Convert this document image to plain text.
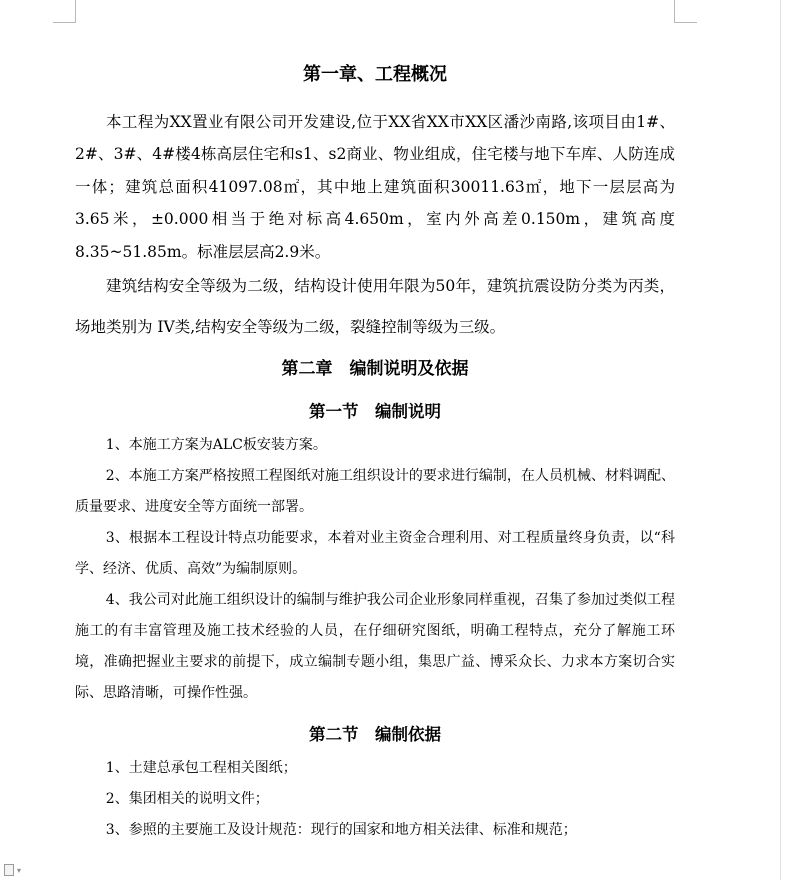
第一章、工程概况

本工程为XX置业有限公司开发建设,位于XX省XX市XX区潘沙南路,该项目由1#、2#、3#、4#楼4栋高层住宅和s1、s2商业、物业组成，住宅楼与地下车库、人防连成一体；建筑总面积41097.08㎡，其中地上建筑面积30011.63㎡，地下一层层高为3.65米，±0.000相当于绝对标高4.650m，室内外高差0.150m，建筑高度8.35~51.85m。标准层层高2.9米。

建筑结构安全等级为二级，结构设计使用年限为50年，建筑抗震设防分类为丙类，场地类别为 IV类,结构安全等级为二级，裂缝控制等级为三级。

第二章　编制说明及依据
第一节　编制说明

1、本施工方案为ALC板安装方案。

2、本施工方案严格按照工程图纸对施工组织设计的要求进行编制，在人员机械、材料调配、质量要求、进度安全等方面统一部署。

3、根据本工程设计特点功能要求，本着对业主资金合理利用、对工程质量终身负责，以“科学、经济、优质、高效”为编制原则。

4、我公司对此施工组织设计的编制与维护我公司企业形象同样重视，召集了参加过类似工程施工的有丰富管理及施工技术经验的人员，在仔细研究图纸，明确工程特点，充分了解施工环境，准确把握业主要求的前提下，成立编制专题小组，集思广益、博采众长、力求本方案切合实际、思路清晰，可操作性强。

第二节　编制依据

1、土建总承包工程相关图纸；

2、集团相关的说明文件；

3、参照的主要施工及设计规范：现行的国家和地方相关法律、标准和规范；

▾
